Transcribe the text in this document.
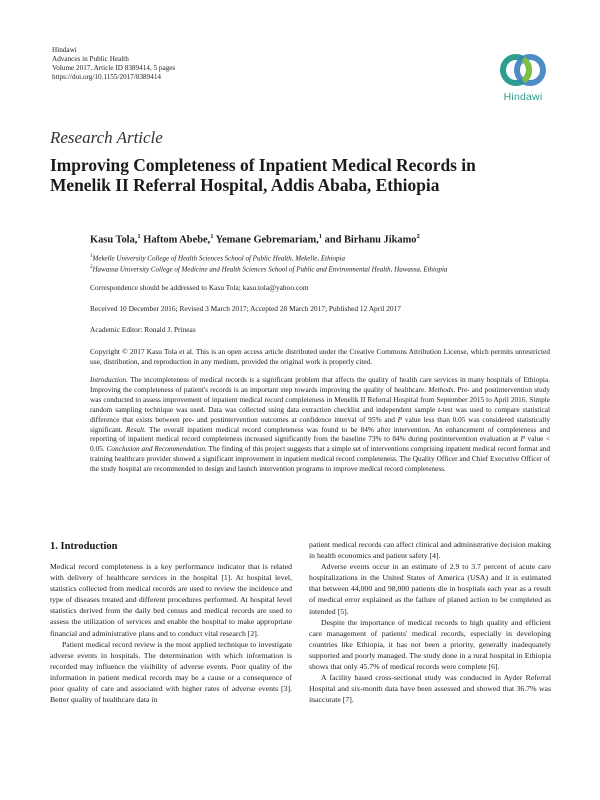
Hindawi
Advances in Public Health
Volume 2017, Article ID 8389414, 5 pages
https://doi.org/10.1155/2017/8389414
Hindawi
Research Article
Improving Completeness of Inpatient Medical Records in
Menelik II Referral Hospital, Addis Ababa, Ethiopia
Kasu Tola,$^1$ Haftom Abebe,$^1$ Yemane Gebremariam,$^1$ and Birhanu Jikamo$^2$
$^1$Mekelle University College of Health Sciences School of Public Health, Mekelle, Ethiopia
$^2$Hawassa University College of Medicine and Health Sciences School of Public and Environmental Health, Hawassa, Ethiopia
Correspondence should be addressed to Kasu Tola; kasu.tola@yahoo.com
Received 10 December 2016; Revised 3 March 2017; Accepted 28 March 2017; Published 12 April 2017
Academic Editor: Ronald J. Prineas
Copyright © 2017 Kasu Tola et al. This is an open access article distributed under the Creative Commons Attribution License, which permits unrestricted use, distribution, and reproduction in any medium, provided the original work is properly cited.
Introduction. The incompleteness of medical records is a significant problem that affects the quality of health care services in many hospitals of Ethiopia. Improving the completeness of patient's records is an important step towards improving the quality of healthcare. Methods. Pre- and postintervention study was conducted to assess improvement of inpatient medical record completeness in Menelik II Referral Hospital from September 2015 to April 2016. Simple random sampling technique was used. Data was collected using data extraction checklist and independent sample t-test was used to compare statistical difference that exists between pre- and postintervention outcomes at confidence interval of 95% and P value less than 0.05 was considered statistically significant. Result. The overall inpatient medical record completeness was found to be 84% after intervention. An enhancement of completeness and reporting of inpatient medical record completeness increased significantly from the baseline 73% to 84% during postintervention evaluation at P value < 0.05. Conclusion and Recommendation. The finding of this project suggests that a simple set of interventions comprising inpatient medical record format and training healthcare provider showed a significant improvement in inpatient medical record completeness. The Quality Officer and Chief Executive Officer of the study hospital are recommended to design and launch intervention programs to improve medical record completeness.
1. Introduction

Medical record completeness is a key performance indicator that is related with delivery of healthcare services in the hospital [1]. At hospital level, statistics collected from medical records are used to review the incidence and type of diseases treated and different procedures performed. At hospital level statistics derived from the daily bed census and medical records are used to assess the utilization of services and enable the hospital to make appropriate financial and administrative plans and to conduct vital research [2].

Patient medical record review is the most applied technique to investigate adverse events in hospitals. The determination with which information is recorded may influence the visibility of adverse events. Poor quality of the information in patient medical records may be a cause or a consequence of poor quality of care and associated with higher rates of adverse events [3]. Better quality of healthcare data in

patient medical records can affect clinical and administrative decision making in health economics and patient safety [4].

Adverse events occur in an estimate of 2.9 to 3.7 percent of acute care hospitalizations in the United States of America (USA) and it is estimated that between 44,000 and 98,000 patients die in hospitals each year as a result of medical error explained as the failure of planed action to be completed as intended [5].

Despite the importance of medical records to high quality and efficient care management of patients' medical records, especially in developing countries like Ethiopia, it has not been a priority, generally inadequately supported and poorly managed. The study done in a rural hospital in Ethiopia shows that only 45.7% of medical records were complete [6].

A facility based cross-sectional study was conducted in Ayder Referral Hospital and six-month data have been assessed and showed that 36.7% was inaccurate [7].
